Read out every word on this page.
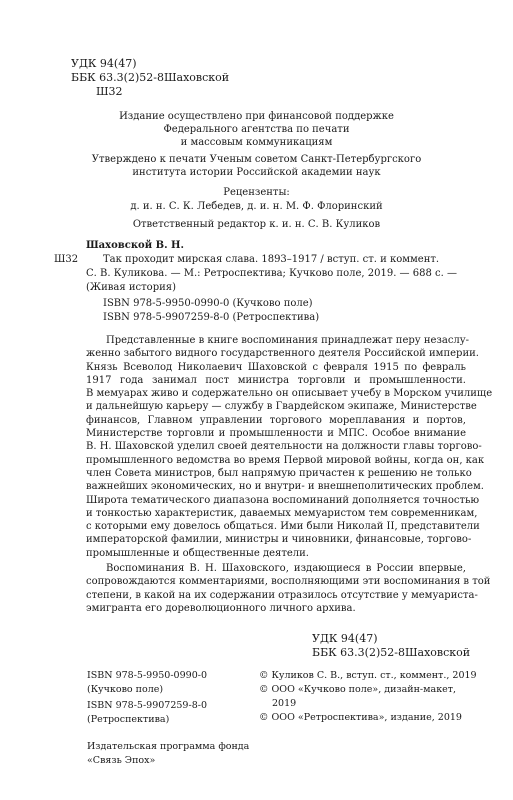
УДК 94(47)
ББК 63.3(2)52-8Шаховской
Ш32
Издание осуществлено при финансовой поддержке
Федерального агентства по печати
и массовым коммуникациям
Утверждено к печати Ученым советом Санкт-Петербургского
института истории Российской академии наук
Рецензенты:
д. и. н. С. К. Лебедев, д. и. н. М. Ф. Флоринский
Ответственный редактор к. и. н. С. В. Куликов
Шаховской В. Н.
Ш32 Так проходит мирская слава. 1893–1917 / вступ. ст. и коммент.
С. В. Куликова. — М.: Ретроспектива; Кучково поле, 2019. — 688 с. —
(Живая история)
ISBN 978-5-9950-0990-0 (Кучково поле)
ISBN 978-5-9907259-8-0 (Ретроспектива)
Представленные в книге воспоминания принадлежат перу незаслу-
женно забытого видного государственного деятеля Российской империи.
Князь Всеволод Николаевич Шаховской с февраля 1915 по февраль
1917 года занимал пост министра торговли и промышленности.
В мемуарах живо и содержательно он описывает учебу в Морском училище
и дальнейшую карьеру — службу в Гвардейском экипаже, Министерстве
финансов, Главном управлении торгового мореплавания и портов,
Министерстве торговли и промышленности и МПС. Особое внимание
В. Н. Шаховской уделил своей деятельности на должности главы торгово-
промышленного ведомства во время Первой мировой войны, когда он, как
член Совета министров, был напрямую причастен к решению не только
важнейших экономических, но и внутри- и внешнеполитических проблем.
Широта тематического диапазона воспоминаний дополняется точностью
и тонкостью характеристик, даваемых мемуаристом тем современникам,
с которыми ему довелось общаться. Ими были Николай II, представители
императорской фамилии, министры и чиновники, финансовые, торгово-
промышленные и общественные деятели.
Воспоминания В. Н. Шаховского, издающиеся в России впервые,
сопровождаются комментариями, восполняющими эти воспоминания в той
степени, в какой на их содержании отразилось отсутствие у мемуариста-
эмигранта его дореволюционного личного архива.
УДК 94(47)
ББК 63.3(2)52-8Шаховской
ISBN 978-5-9950-0990-0
(Кучково поле)
ISBN 978-5-9907259-8-0
(Ретроспектива)
© Куликов С. В., вступ. ст., коммент., 2019
© ООО «Кучково поле», дизайн-макет,
2019
© ООО «Ретроспектива», издание, 2019
Издательская программа фонда
«Связь Эпох»
